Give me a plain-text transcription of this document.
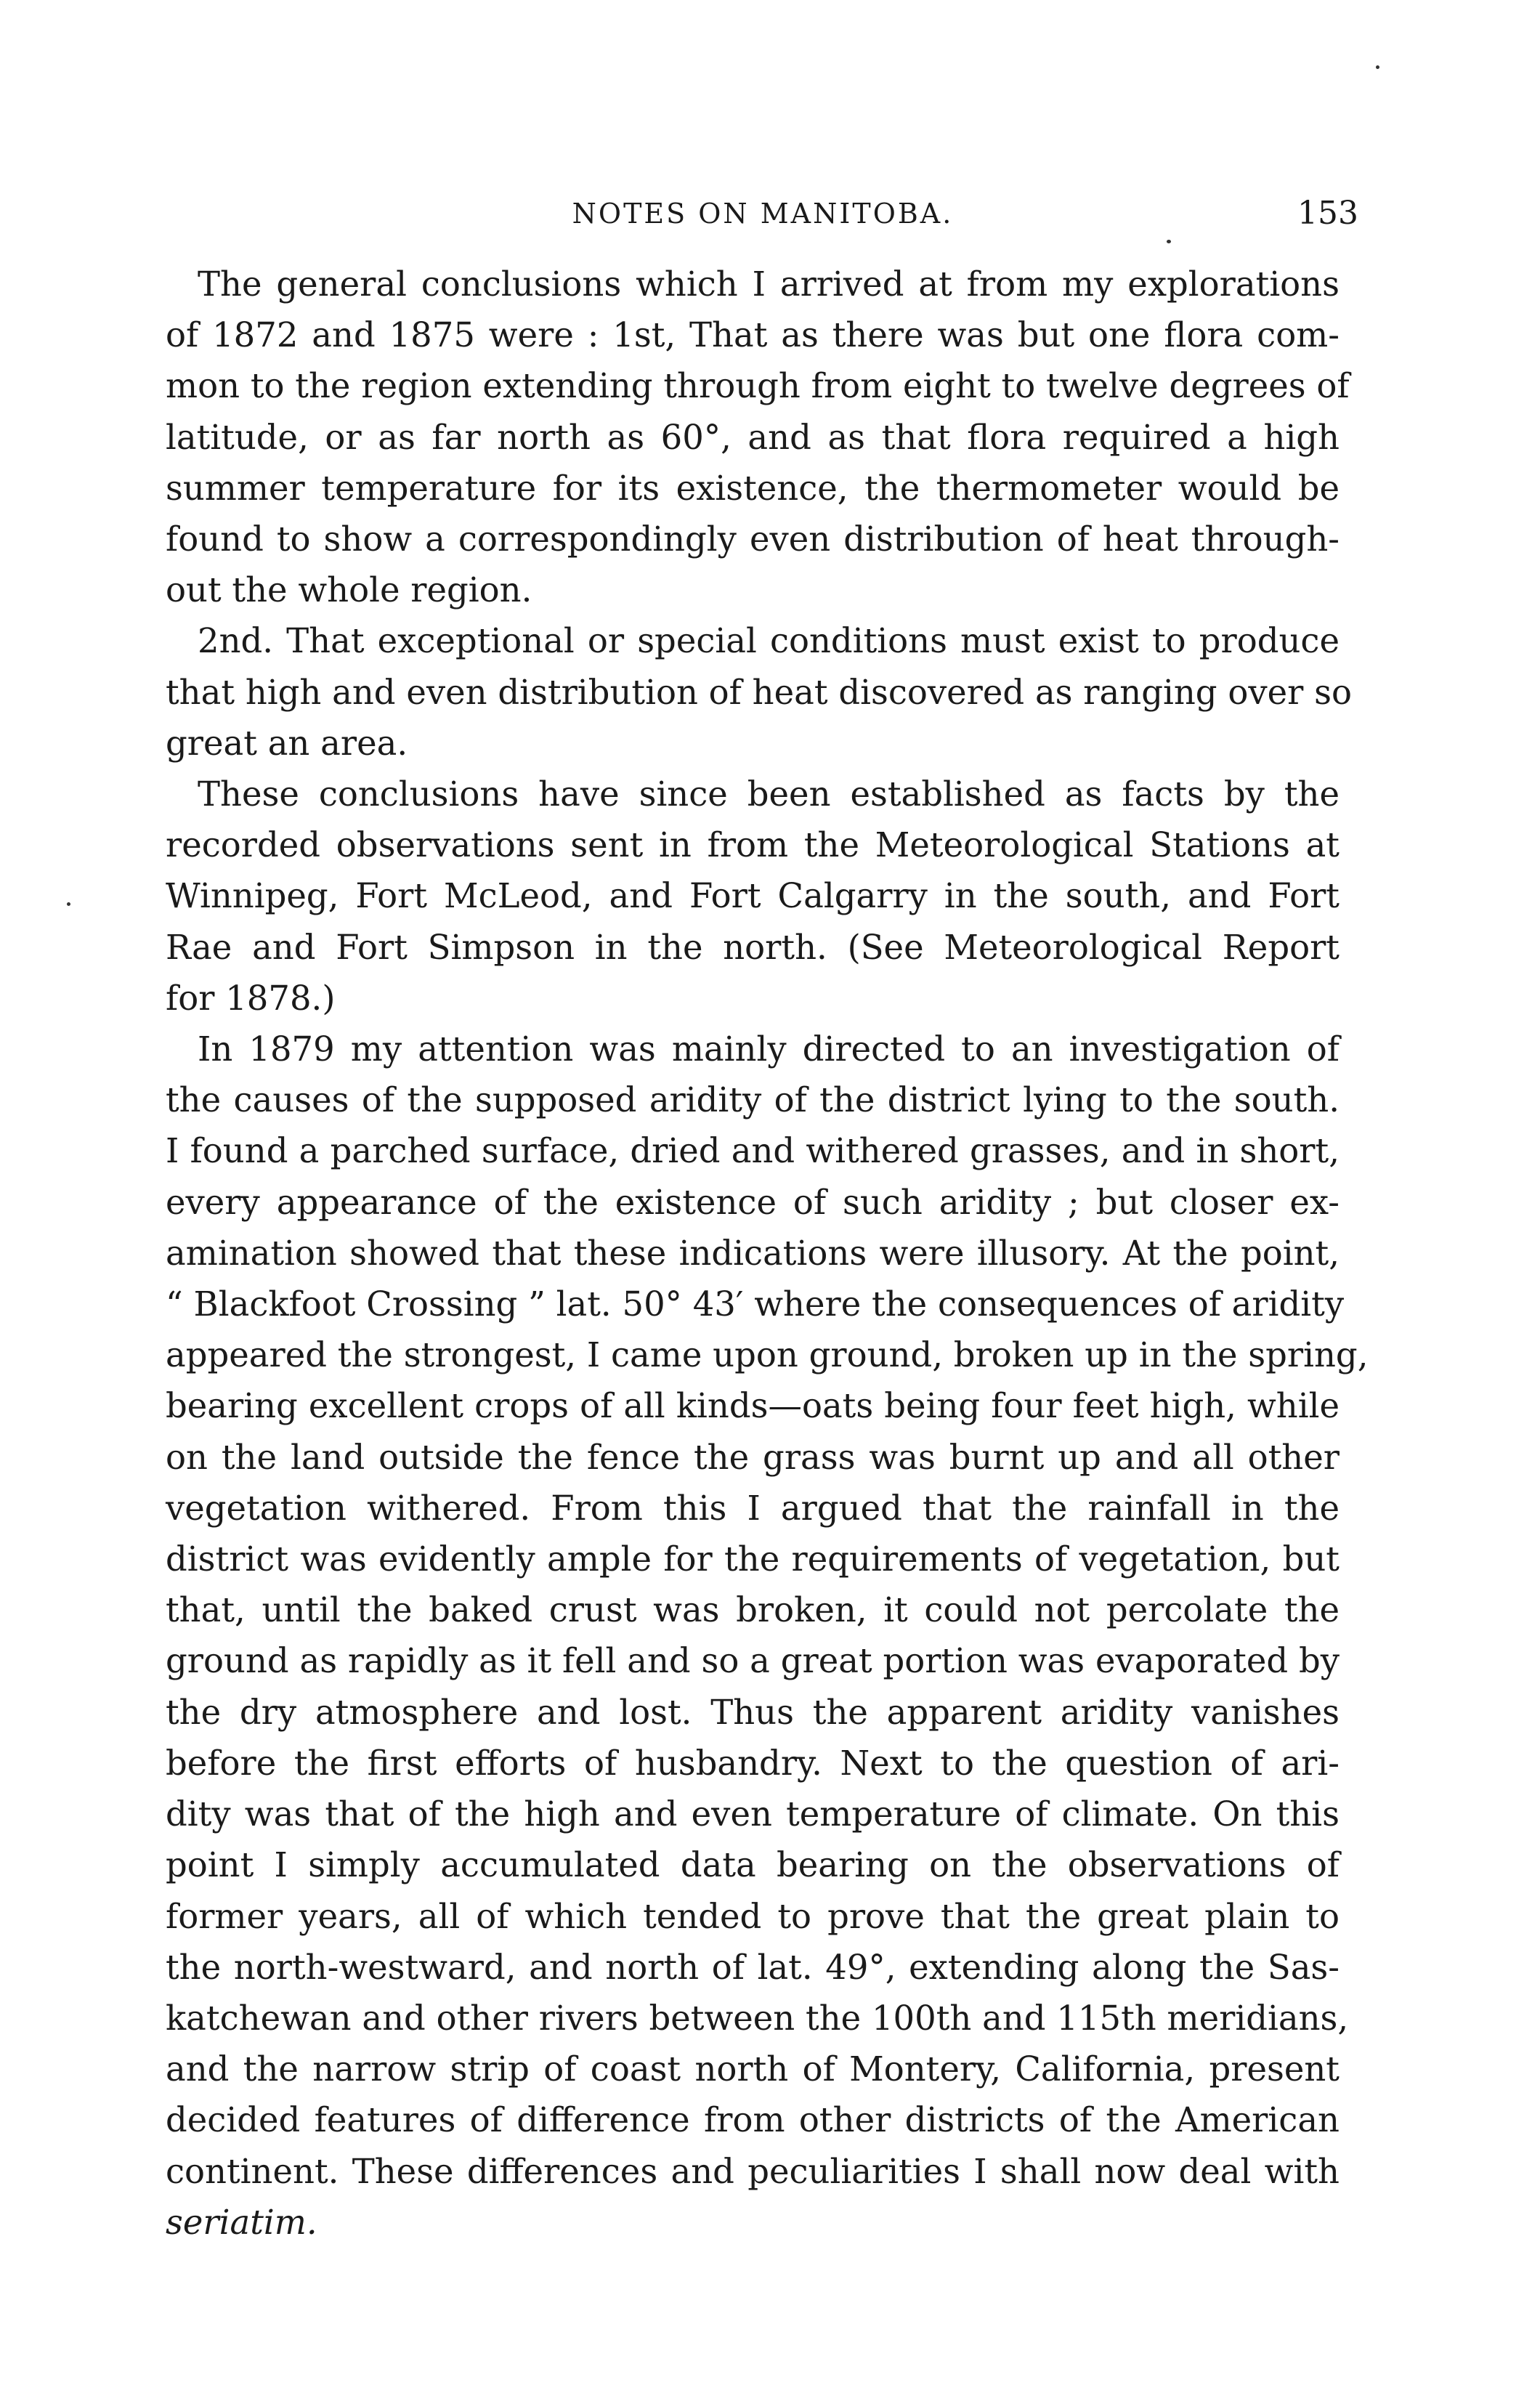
NOTES ON MANITOBA.	153
The general conclusions which I arrived at from my explorations
of 1872 and 1875 were : 1st, That as there was but one flora com-
mon to the region extending through from eight to twelve degrees of
latitude, or as far north as 60°, and as that flora required a high
summer temperature for its existence, the thermometer would be
found to show a correspondingly even distribution of heat through-
out the whole region.
2nd. That exceptional or special conditions must exist to produce
that high and even distribution of heat discovered as ranging over so
great an area.
These conclusions have since been established as facts by the
recorded observations sent in from the Meteorological Stations at
Winnipeg, Fort McLeod, and Fort Calgarry in the south, and Fort
Rae and Fort Simpson in the north. (See Meteorological Report
for 1878.)
In 1879 my attention was mainly directed to an investigation of
the causes of the supposed aridity of the district lying to the south.
I found a parched surface, dried and withered grasses, and in short,
every appearance of the existence of such aridity ; but closer ex-
amination showed that these indications were illusory. At the point,
“ Blackfoot Crossing ” lat. 50° 43′ where the consequences of aridity
appeared the strongest, I came upon ground, broken up in the spring,
bearing excellent crops of all kinds—oats being four feet high, while
on the land outside the fence the grass was burnt up and all other
vegetation withered. From this I argued that the rainfall in the
district was evidently ample for the requirements of vegetation, but
that, until the baked crust was broken, it could not percolate the
ground as rapidly as it fell and so a great portion was evaporated by
the dry atmosphere and lost. Thus the apparent aridity vanishes
before the first efforts of husbandry. Next to the question of ari-
dity was that of the high and even temperature of climate. On this
point I simply accumulated data bearing on the observations of
former years, all of which tended to prove that the great plain to
the north-westward, and north of lat. 49°, extending along the Sas-
katchewan and other rivers between the 100th and 115th meridians,
and the narrow strip of coast north of Montery, California, present
decided features of difference from other districts of the American
continent. These differences and peculiarities I shall now deal with
seriatim.
